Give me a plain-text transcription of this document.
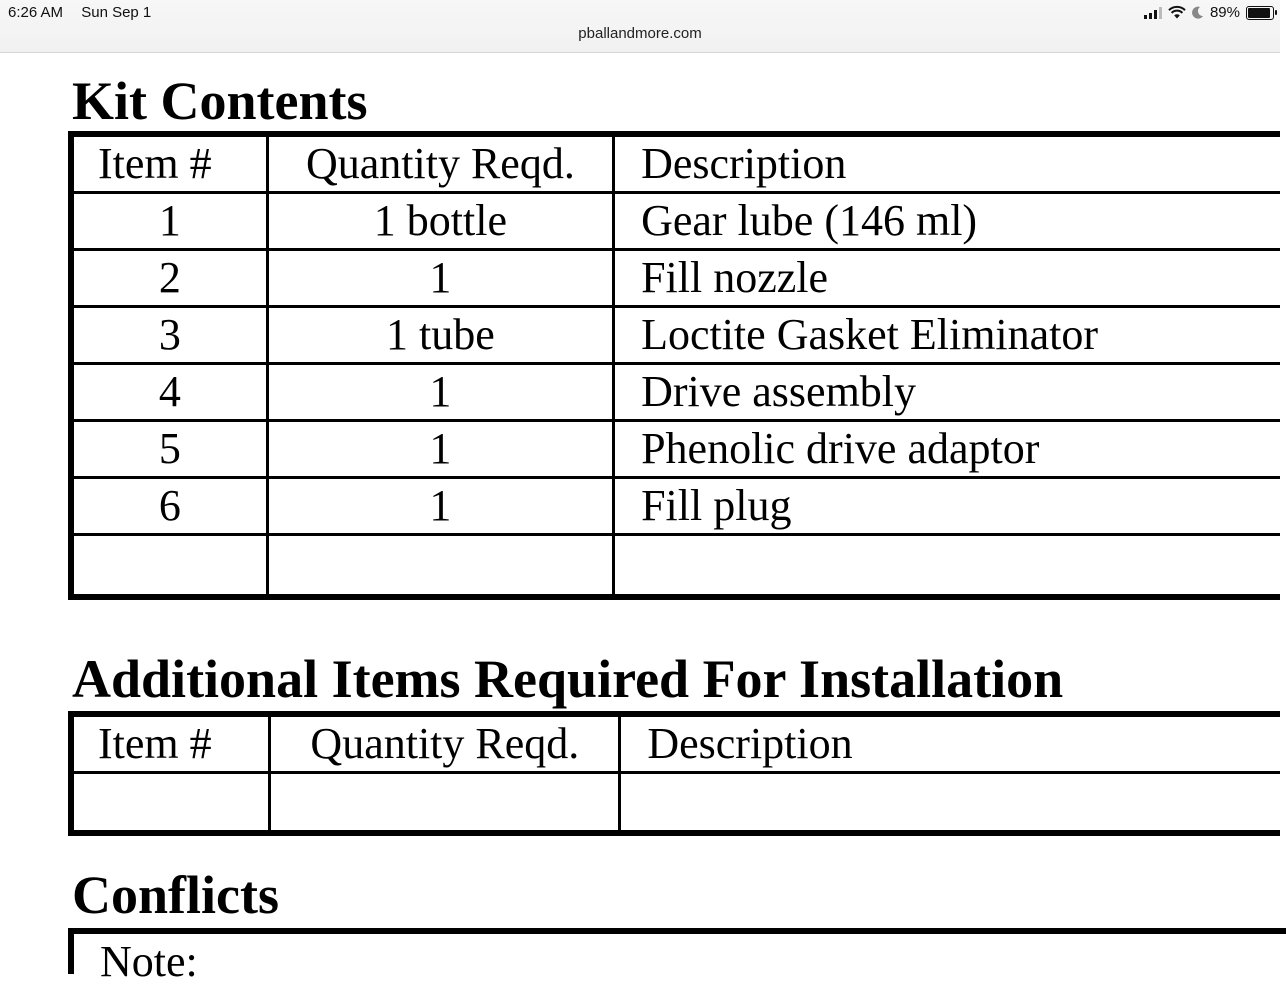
6:26 AM Sun Sep 1	89%
pballandmore.com
Kit Contents
Item #	Quantity Reqd.	Description
1	1 bottle	Gear lube (146 ml)
2	1	Fill nozzle
3	1 tube	Loctite Gasket Eliminator
4	1	Drive assembly
5	1	Phenolic drive adaptor
6	1	Fill plug

Additional Items Required For Installation
Item #	Quantity Reqd.	Description

Conflicts
Note:
